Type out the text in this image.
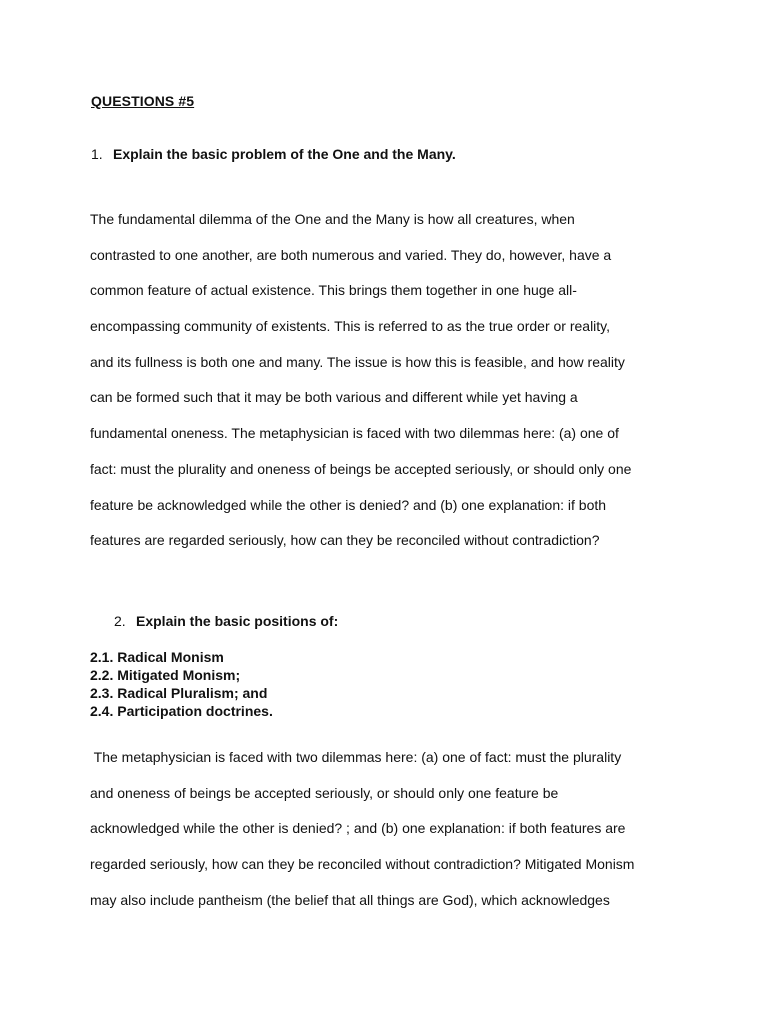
QUESTIONS #5
1. Explain the basic problem of the One and the Many.
The fundamental dilemma of the One and the Many is how all creatures, when
contrasted to one another, are both numerous and varied. They do, however, have a
common feature of actual existence. This brings them together in one huge all-
encompassing community of existents. This is referred to as the true order or reality,
and its fullness is both one and many. The issue is how this is feasible, and how reality
can be formed such that it may be both various and different while yet having a
fundamental oneness. The metaphysician is faced with two dilemmas here: (a) one of
fact: must the plurality and oneness of beings be accepted seriously, or should only one
feature be acknowledged while the other is denied? and (b) one explanation: if both
features are regarded seriously, how can they be reconciled without contradiction?
2. Explain the basic positions of:
2.1. Radical Monism
2.2. Mitigated Monism;
2.3. Radical Pluralism; and
2.4. Participation doctrines.
The metaphysician is faced with two dilemmas here: (a) one of fact: must the plurality
and oneness of beings be accepted seriously, or should only one feature be
acknowledged while the other is denied? ; and (b) one explanation: if both features are
regarded seriously, how can they be reconciled without contradiction? Mitigated Monism
may also include pantheism (the belief that all things are God), which acknowledges
